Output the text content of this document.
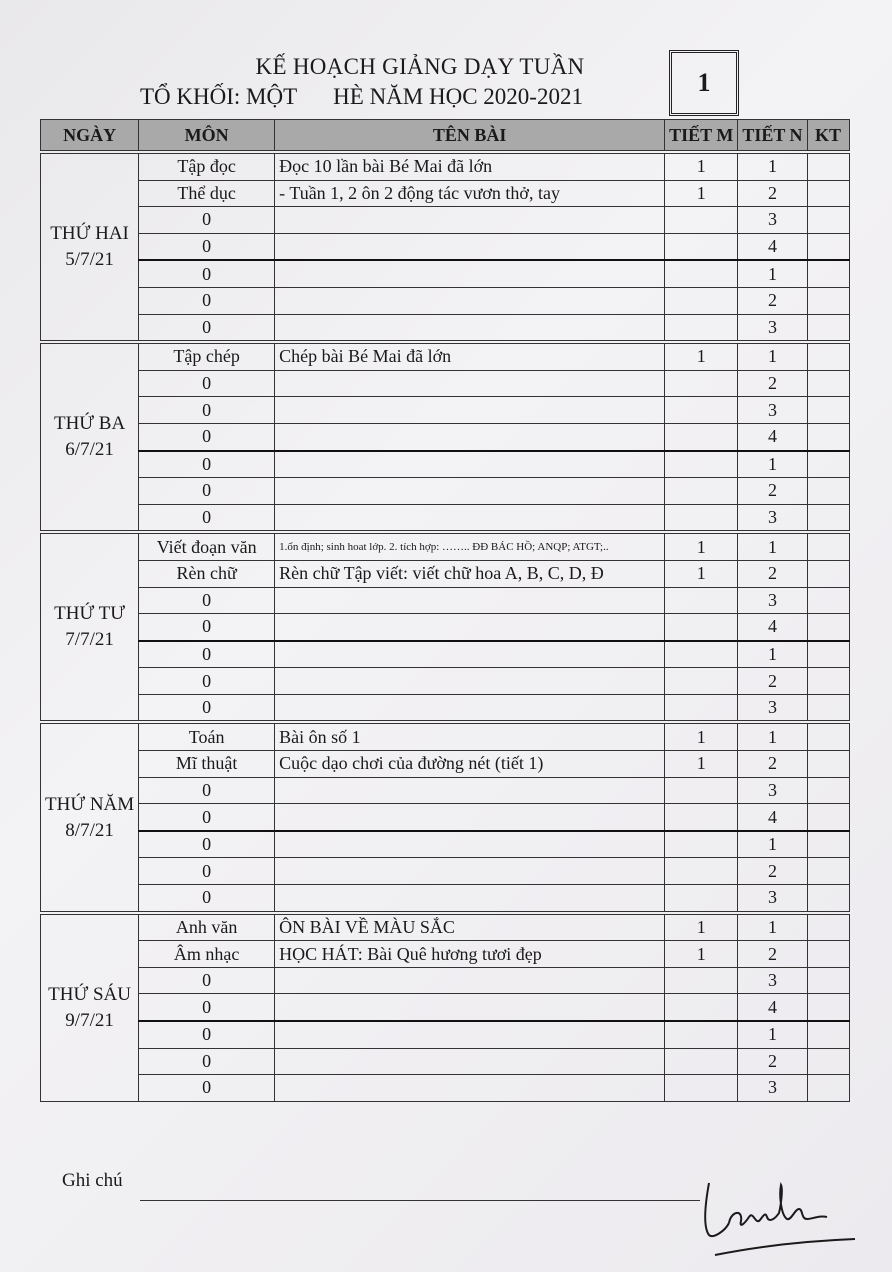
KẾ HOẠCH GIẢNG DẠY TUẦN
TỔ KHỐI: MỘT HÈ NĂM HỌC 2020-2021	1
NGÀY	MÔN	TÊN BÀI	TIẾT M	TIẾT N	KT

THỨ HAI
5/7/21	Tập đọc	Đọc 10 lần bài Bé Mai đã lớn	1	1	
	Thể dục	- Tuần 1, 2 ôn 2 động tác vươn thở, tay	1	2	
	0			3	
	0			4	
	0			1	
	0			2	
	0			3	

THỨ BA
6/7/21	Tập chép	Chép bài Bé Mai đã lớn	1	1	
	0			2	
	0			3	
	0			4	
	0			1	
	0			2	
	0			3	

THỨ TƯ
7/7/21	Viết đoạn văn	1.ổn định; sinh hoat lớp. 2. tích hợp: …….. ĐĐ BÁC HỒ; ANQP; ATGT;..	1	1	
	Rèn chữ	Rèn chữ Tập viết: viết chữ hoa A, B, C, D, Đ	1	2	
	0			3	
	0			4	
	0			1	
	0			2	
	0			3	

THỨ NĂM
8/7/21	Toán	Bài ôn số 1	1	1	
	Mĩ thuật	Cuộc dạo chơi của đường nét (tiết 1)	1	2	
	0			3	
	0			4	
	0			1	
	0			2	
	0			3	

THỨ SÁU
9/7/21	Anh văn	ÔN BÀI VỀ MÀU SẮC	1	1	
	Âm nhạc	HỌC HÁT: Bài Quê hương tươi đẹp	1	2	
	0			3	
	0			4	
	0			1	
	0			2	
	0			3	
Ghi chú
